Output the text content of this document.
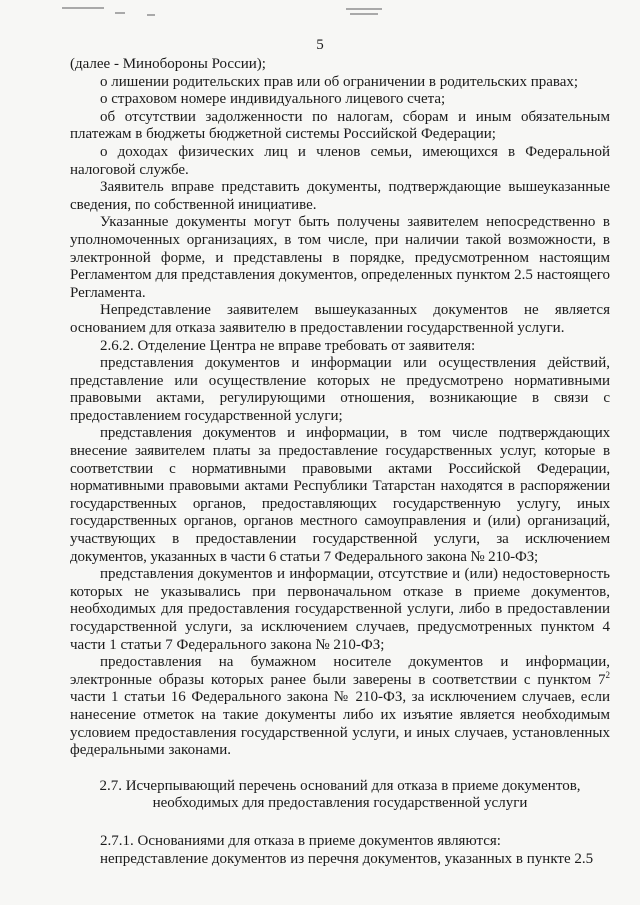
5

(далее - Минобороны России);

о лишении родительских прав или об ограничении в родительских правах;

о страховом номере индивидуального лицевого счета;

об отсутствии задолженности по налогам, сборам и иным обязательным платежам в бюджеты бюджетной системы Российской Федерации;

о доходах физических лиц и членов семьи, имеющихся в Федеральной налоговой службе.

Заявитель вправе представить документы, подтверждающие вышеуказанные сведения, по собственной инициативе.

Указанные документы могут быть получены заявителем непосредственно в уполномоченных организациях, в том числе, при наличии такой возможности, в электронной форме, и представлены в порядке, предусмотренном настоящим Регламентом для представления документов, определенных пунктом 2.5 настоящего Регламента.

Непредставление заявителем вышеуказанных документов не является основанием для отказа заявителю в предоставлении государственной услуги.

2.6.2. Отделение Центра не вправе требовать от заявителя:

представления документов и информации или осуществления действий, представление или осуществление которых не предусмотрено нормативными правовыми актами, регулирующими отношения, возникающие в связи с предоставлением государственной услуги;

представления документов и информации, в том числе подтверждающих внесение заявителем платы за предоставление государственных услуг, которые в соответствии с нормативными правовыми актами Российской Федерации, нормативными правовыми актами Республики Татарстан находятся в распоряжении государственных органов, предоставляющих государственную услугу, иных государственных органов, органов местного самоуправления и (или) организаций, участвующих в предоставлении государственной услуги, за исключением документов, указанных в части 6 статьи 7 Федерального закона № 210-ФЗ;

представления документов и информации, отсутствие и (или) недостоверность которых не указывались при первоначальном отказе в приеме документов, необходимых для предоставления государственной услуги, либо в предоставлении государственной услуги, за исключением случаев, предусмотренных пунктом 4 части 1 статьи 7 Федерального закона № 210-ФЗ;

предоставления на бумажном носителе документов и информации, электронные образы которых ранее были заверены в соответствии с пунктом $7^2$ части 1 статьи 16 Федерального закона № 210-ФЗ, за исключением случаев, если нанесение отметок на такие документы либо их изъятие является необходимым условием предоставления государственной услуги, и иных случаев, установленных федеральными законами.

2.7. Исчерпывающий перечень оснований для отказа в приеме документов,
необходимых для предоставления государственной услуги

2.7.1. Основаниями для отказа в приеме документов являются:

непредставление документов из перечня документов, указанных в пункте 2.5
